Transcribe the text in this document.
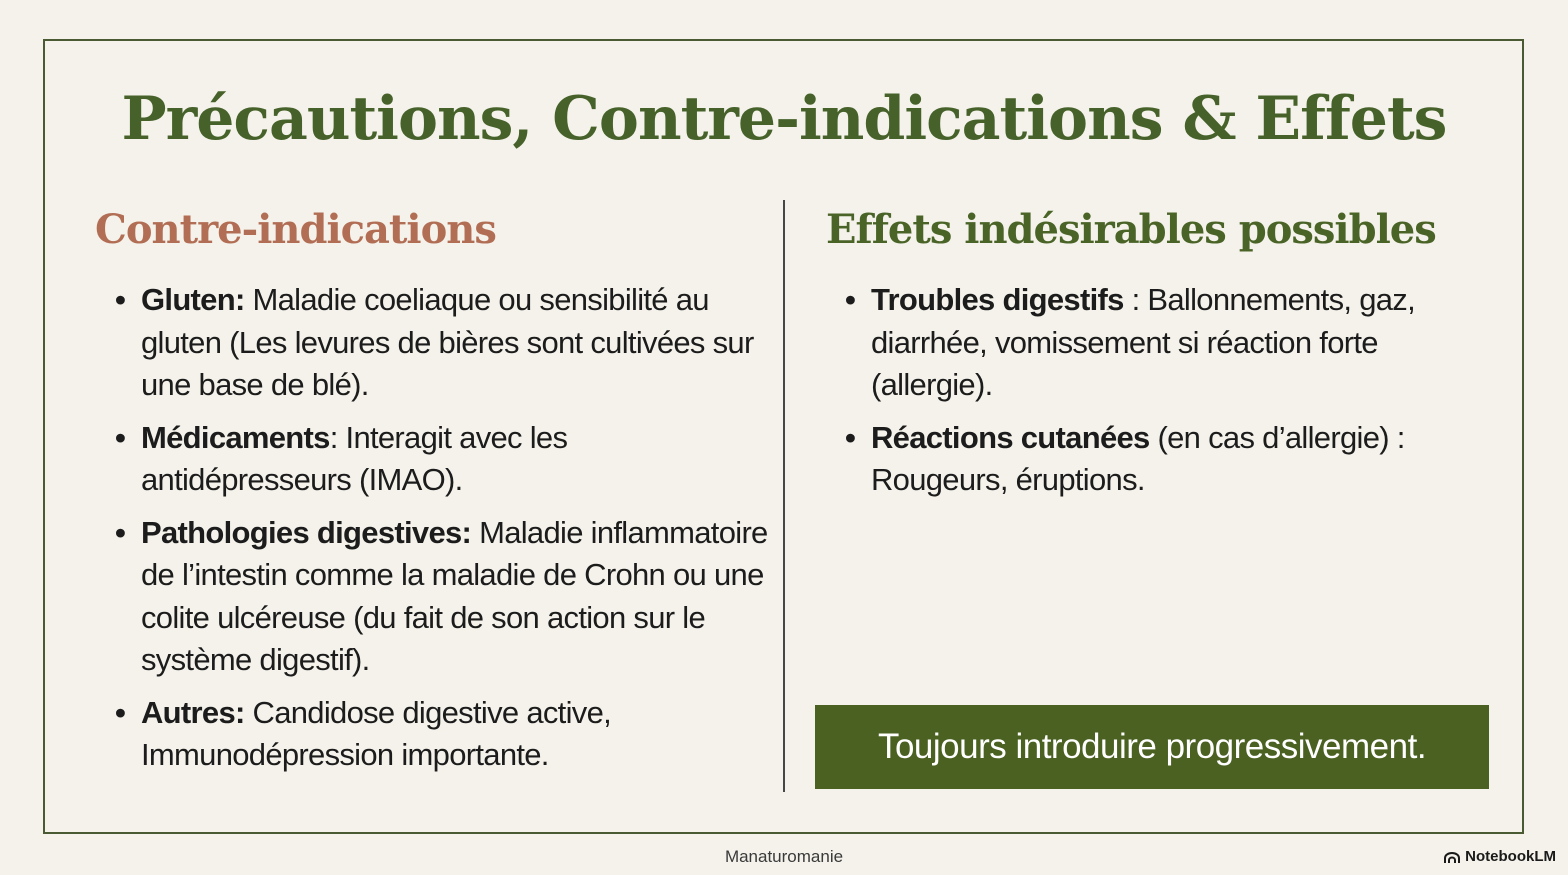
Précautions, Contre-indications & Effets
Contre-indications	Effets indésirables possibles
• Gluten: Maladie coeliaque ou sensibilité au gluten (Les levures de bières sont cultivées sur une base de blé).
• Médicaments: Interagit avec les antidépresseurs (IMAO).
• Pathologies digestives: Maladie inflammatoire de l’intestin comme la maladie de Crohn ou une colite ulcéreuse (du fait de son action sur le système digestif).
• Autres: Candidose digestive active, Immunodépression importante.
• Troubles digestifs : Ballonnements, gaz, diarrhée, vomissement si réaction forte (allergie).
• Réactions cutanées (en cas d’allergie) : Rougeurs, éruptions.
Toujours introduire progressivement.
Manaturomanie	NotebookLM
